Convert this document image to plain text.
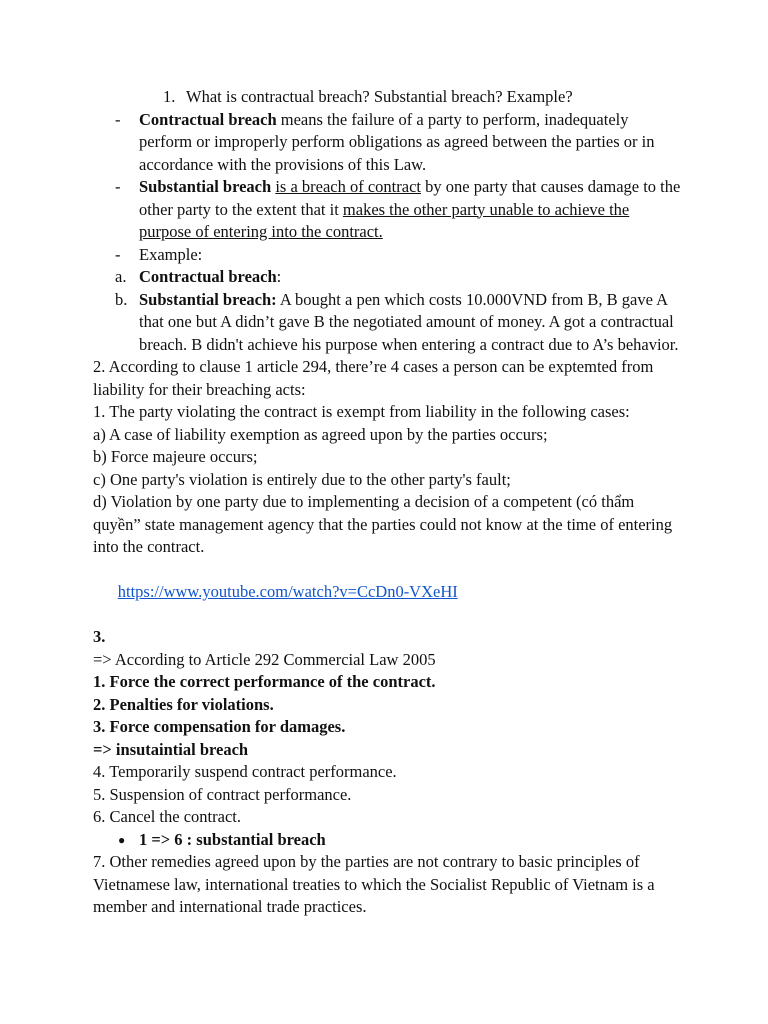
1. What is contractual breach? Substantial breach? Example?
- Contractual breach means the failure of a party to perform, inadequately perform or improperly perform obligations as agreed between the parties or in accordance with the provisions of this Law.
- Substantial breach is a breach of contract by one party that causes damage to the other party to the extent that it makes the other party unable to achieve the purpose of entering into the contract.
- Example:
a. Contractual breach:
b. Substantial breach: A bought a pen which costs 10.000VND from B, B gave A that one but A didn’t gave B the negotiated amount of money. A got a contractual breach. B didn't achieve his purpose when entering a contract due to A’s behavior.
2. According to clause 1 article 294, there’re 4 cases a person can be exptemted from liability for their breaching acts:
1. The party violating the contract is exempt from liability in the following cases:
a) A case of liability exemption as agreed upon by the parties occurs;
b) Force majeure occurs;
c) One party's violation is entirely due to the other party's fault;
d) Violation by one party due to implementing a decision of a competent (có thẩm quyền” state management agency that the parties could not know at the time of entering into the contract.

https://www.youtube.com/watch?v=CcDn0-VXeHI

3.
=> According to Article 292 Commercial Law 2005
1. Force the correct performance of the contract.
2. Penalties for violations.
3. Force compensation for damages.
=> insutaintial breach
4. Temporarily suspend contract performance.
5. Suspension of contract performance.
6. Cancel the contract.
● 1 => 6 : substantial breach
7. Other remedies agreed upon by the parties are not contrary to basic principles of Vietnamese law, international treaties to which the Socialist Republic of Vietnam is a member and international trade practices.
